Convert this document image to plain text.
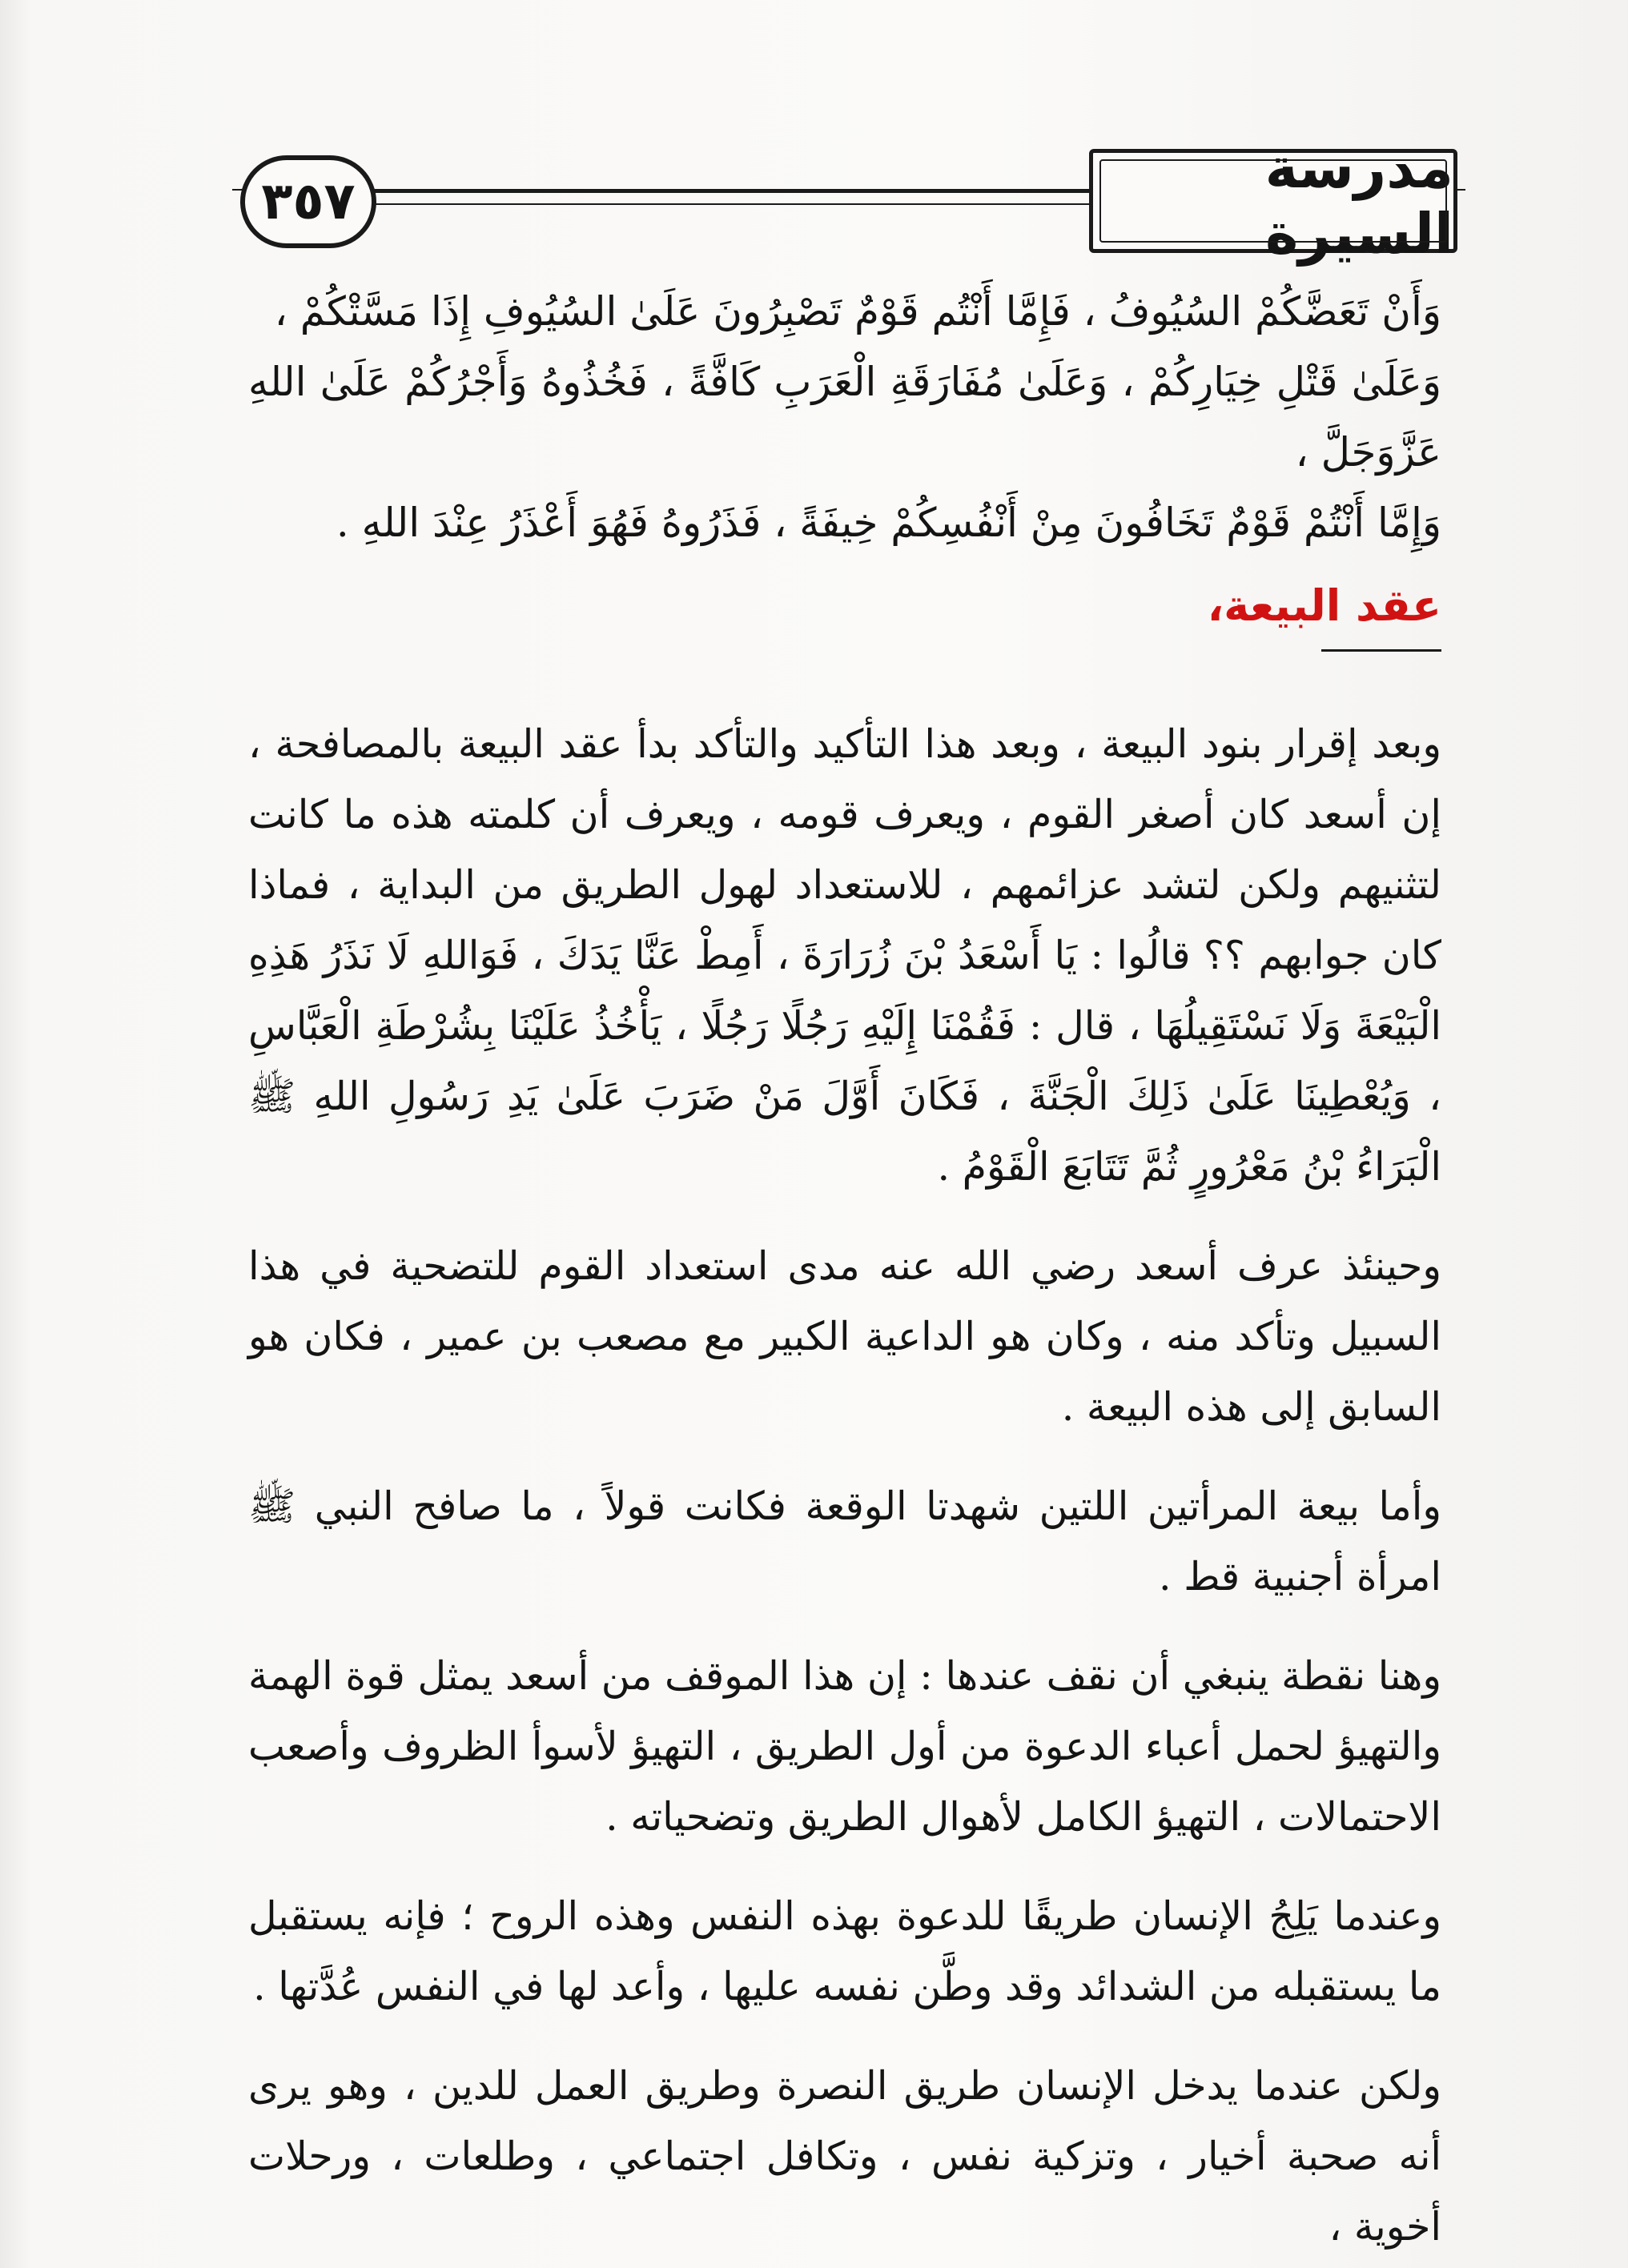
٣٥٧
مدرسة السيرة

وَأَنْ تَعَضَّكُمْ السُيُوفُ ، فَإِمَّا أَنْتُم قَوْمٌ تَصْبِرُونَ عَلَىٰ السُيُوفِ إِذَا مَسَّتْكُمْ ،

وَعَلَىٰ قَتْلِ خِيَارِكُمْ ، وَعَلَىٰ مُفَارَقَةِ الْعَرَبِ كَافَّةً ، فَخُذُوهُ وَأَجْرُكُمْ عَلَىٰ اللهِ عَزَّوَجَلَّ ،

وَإِمَّا أَنْتُمْ قَوْمٌ تَخَافُونَ مِنْ أَنْفُسِكُمْ خِيفَةً ، فَذَرُوهُ فَهُوَ أَعْذَرُ عِنْدَ اللهِ .

عقد البيعة،

وبعد إقرار بنود البيعة ، وبعد هذا التأكيد والتأكد بدأ عقد البيعة بالمصافحة ، إن أسعد كان أصغر القوم ، ويعرف قومه ، ويعرف أن كلمته هذه ما كانت لتثنيهم ولكن لتشد عزائمهم ، للاستعداد لهول الطريق من البداية ، فماذا كان جوابهم ؟؟ قالُوا : يَا أَسْعَدُ بْنَ زُرَارَةَ ، أَمِطْ عَنَّا يَدَكَ ، فَوَاللهِ لَا نَذَرُ هَذِهِ الْبَيْعَةَ وَلَا نَسْتَقِيلُهَا ، قال : فَقُمْنَا إِلَيْهِ رَجُلًا رَجُلًا ، يَأْخُذُ عَلَيْنَا بِشُرْطَةِ الْعَبَّاسِ ، وَيُعْطِينَا عَلَىٰ ذَلِكَ الْجَنَّةَ ، فَكَانَ أَوَّلَ مَنْ ضَرَبَ عَلَىٰ يَدِ رَسُولِ اللهِ ﷺ الْبَرَاءُ بْنُ مَعْرُورٍ ثُمَّ تَتَابَعَ الْقَوْمُ .

وحينئذ عرف أسعد رضي الله عنه مدى استعداد القوم للتضحية في هذا السبيل وتأكد منه ، وكان هو الداعية الكبير مع مصعب بن عمير ، فكان هو السابق إلى هذه البيعة .

وأما بيعة المرأتين اللتين شهدتا الوقعة فكانت قولاً ، ما صافح النبي ﷺ امرأة أجنبية قط .

وهنا نقطة ينبغي أن نقف عندها : إن هذا الموقف من أسعد يمثل قوة الهمة والتهيؤ لحمل أعباء الدعوة من أول الطريق ، التهيؤ لأسوأ الظروف وأصعب الاحتمالات ، التهيؤ الكامل لأهوال الطريق وتضحياته .

وعندما يَلِجُ الإنسان طريقًا للدعوة بهذه النفس وهذه الروح ؛ فإنه يستقبل ما يستقبله من الشدائد وقد وطَّن نفسه عليها ، وأعد لها في النفس عُدَّتها .

ولكن عندما يدخل الإنسان طريق النصرة وطريق العمل للدين ، وهو يرى أنه صحبة أخيار ، وتزكية نفس ، وتكافل اجتماعي ، وطلعات ، ورحلات أخوية ،
